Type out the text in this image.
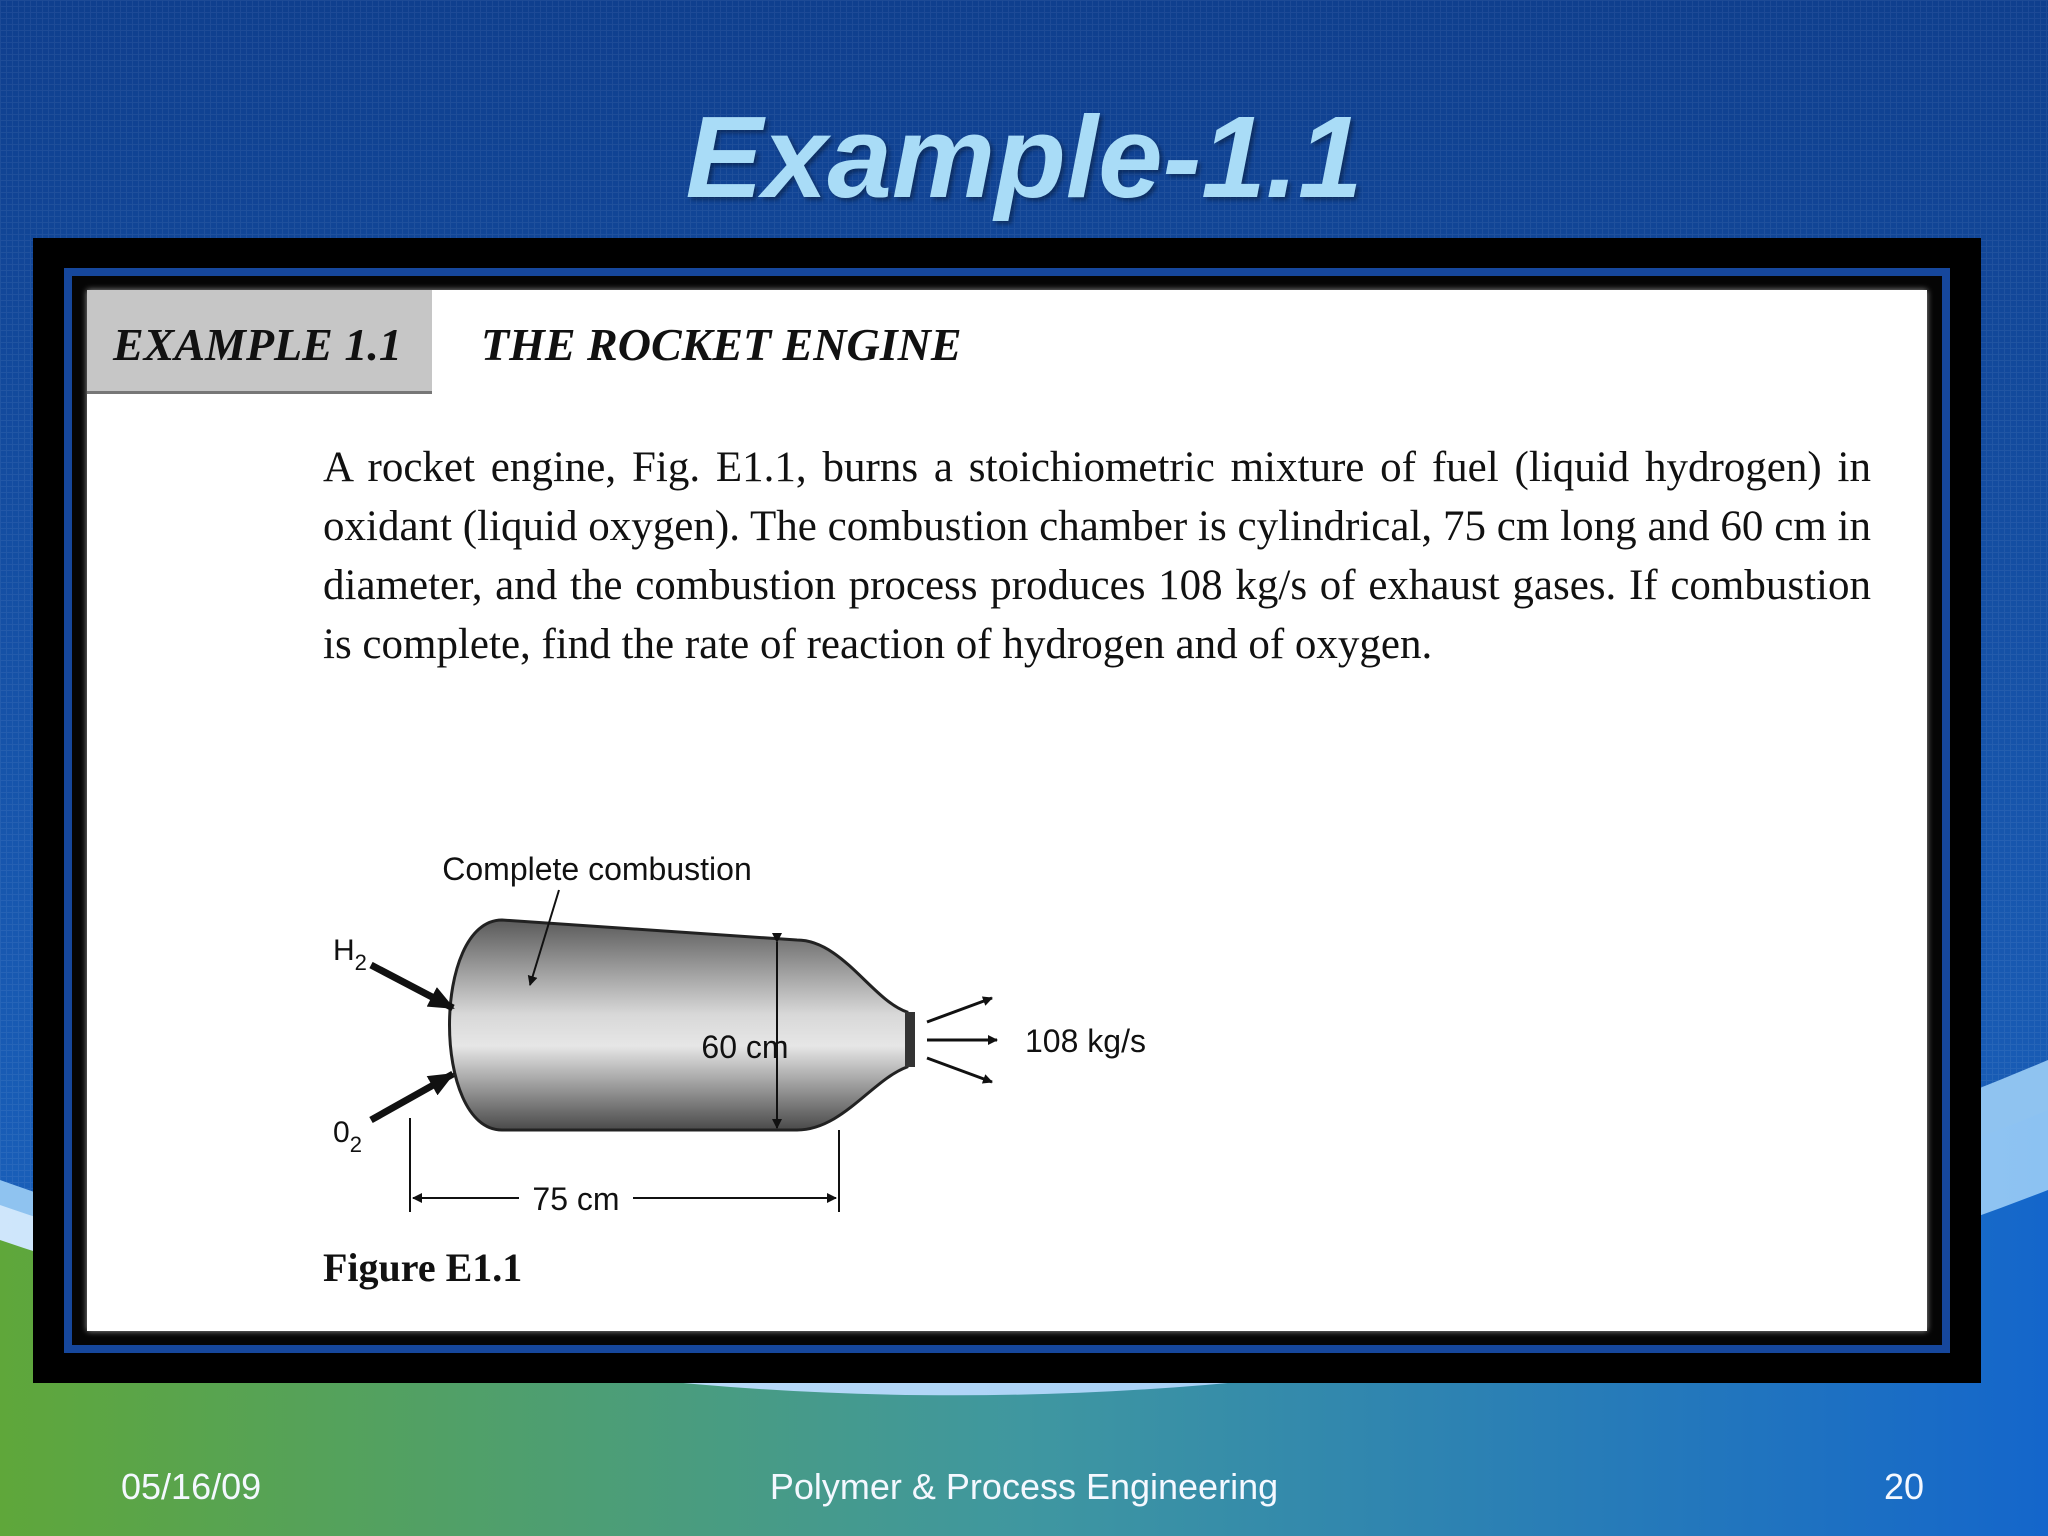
Example-1.1
EXAMPLE 1.1 THE ROCKET ENGINE

A rocket engine, Fig. E1.1, burns a stoichiometric mixture of fuel (liquid hydrogen) in oxidant (liquid oxygen). The combustion chamber is cylindrical, 75 cm long and 60 cm in diameter, and the combustion process produces 108 kg/s of exhaust gases. If combustion is complete, find the rate of reaction of hydrogen and of oxygen.

Complete combustion
$H_2$
$0_2$
60 cm	108 kg/s
75 cm
Figure E1.1
05/16/09	Polymer & Process Engineering	20
